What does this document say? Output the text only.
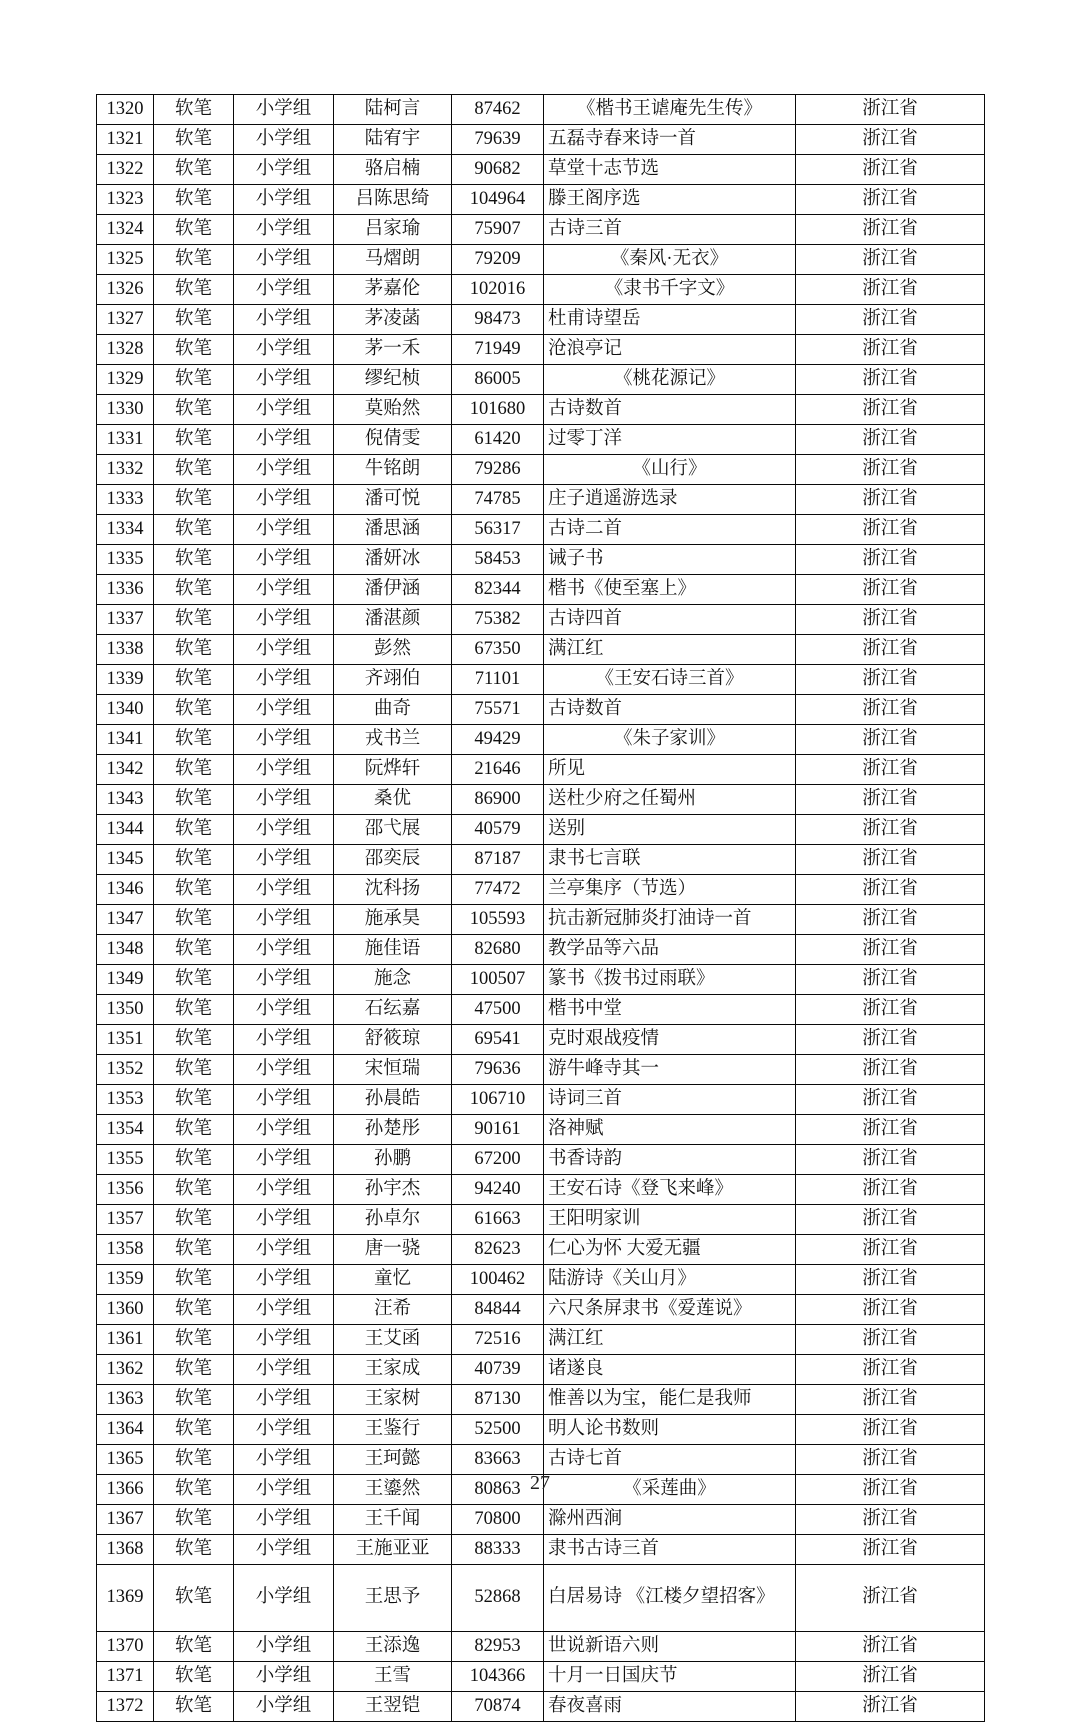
1320	软笔	小学组	陆柯言	87462	《楷书王谑庵先生传》	浙江省
1321	软笔	小学组	陆宥宇	79639	五磊寺春来诗一首	浙江省
1322	软笔	小学组	骆启楠	90682	草堂十志节选	浙江省
1323	软笔	小学组	吕陈思绮	104964	滕王阁序选	浙江省
1324	软笔	小学组	吕家瑜	75907	古诗三首	浙江省
1325	软笔	小学组	马熠朗	79209	《秦风·无衣》	浙江省
1326	软笔	小学组	茅嘉伦	102016	《隶书千字文》	浙江省
1327	软笔	小学组	茅凌菡	98473	杜甫诗望岳	浙江省
1328	软笔	小学组	茅一禾	71949	沧浪亭记	浙江省
1329	软笔	小学组	缪纪桢	86005	《桃花源记》	浙江省
1330	软笔	小学组	莫贻然	101680	古诗数首	浙江省
1331	软笔	小学组	倪倩雯	61420	过零丁洋	浙江省
1332	软笔	小学组	牛铭朗	79286	《山行》	浙江省
1333	软笔	小学组	潘可悦	74785	庄子逍遥游选录	浙江省
1334	软笔	小学组	潘思涵	56317	古诗二首	浙江省
1335	软笔	小学组	潘妍冰	58453	诫子书	浙江省
1336	软笔	小学组	潘伊涵	82344	楷书《使至塞上》	浙江省
1337	软笔	小学组	潘湛颜	75382	古诗四首	浙江省
1338	软笔	小学组	彭然	67350	满江红	浙江省
1339	软笔	小学组	齐翊伯	71101	《王安石诗三首》	浙江省
1340	软笔	小学组	曲奇	75571	古诗数首	浙江省
1341	软笔	小学组	戎书兰	49429	《朱子家训》	浙江省
1342	软笔	小学组	阮烨轩	21646	所见	浙江省
1343	软笔	小学组	桑优	86900	送杜少府之任蜀州	浙江省
1344	软笔	小学组	邵弋展	40579	送别	浙江省
1345	软笔	小学组	邵奕辰	87187	隶书七言联	浙江省
1346	软笔	小学组	沈科扬	77472	兰亭集序（节选）	浙江省
1347	软笔	小学组	施承昊	105593	抗击新冠肺炎打油诗一首	浙江省
1348	软笔	小学组	施佳语	82680	教学品等六品	浙江省
1349	软笔	小学组	施念	100507	篆书《拨书过雨联》	浙江省
1350	软笔	小学组	石纭嘉	47500	楷书中堂	浙江省
1351	软笔	小学组	舒筱琼	69541	克时艰战疫情	浙江省
1352	软笔	小学组	宋恒瑞	79636	游牛峰寺其一	浙江省
1353	软笔	小学组	孙晨皓	106710	诗词三首	浙江省
1354	软笔	小学组	孙楚彤	90161	洛神赋	浙江省
1355	软笔	小学组	孙鹏	67200	书香诗韵	浙江省
1356	软笔	小学组	孙宇杰	94240	王安石诗《登飞来峰》	浙江省
1357	软笔	小学组	孙卓尔	61663	王阳明家训	浙江省
1358	软笔	小学组	唐一骁	82623	仁心为怀 大爱无疆	浙江省
1359	软笔	小学组	童忆	100462	陆游诗《关山月》	浙江省
1360	软笔	小学组	汪希	84844	六尺条屏隶书《爱莲说》	浙江省
1361	软笔	小学组	王艾函	72516	满江红	浙江省
1362	软笔	小学组	王家成	40739	诸遂良	浙江省
1363	软笔	小学组	王家树	87130	惟善以为宝，能仁是我师	浙江省
1364	软笔	小学组	王鉴行	52500	明人论书数则	浙江省
1365	软笔	小学组	王珂懿	83663	古诗七首	浙江省
1366	软笔	小学组	王鎏然	80863	《采莲曲》	浙江省
1367	软笔	小学组	王千闻	70800	滁州西涧	浙江省
1368	软笔	小学组	王施亚亚	88333	隶书古诗三首	浙江省
1369	软笔	小学组	王思予	52868	白居易诗 《江楼夕望招客》	浙江省
1370	软笔	小学组	王添逸	82953	世说新语六则	浙江省
1371	软笔	小学组	王雪	104366	十月一日国庆节	浙江省
1372	软笔	小学组	王翌铠	70874	春夜喜雨	浙江省
27
